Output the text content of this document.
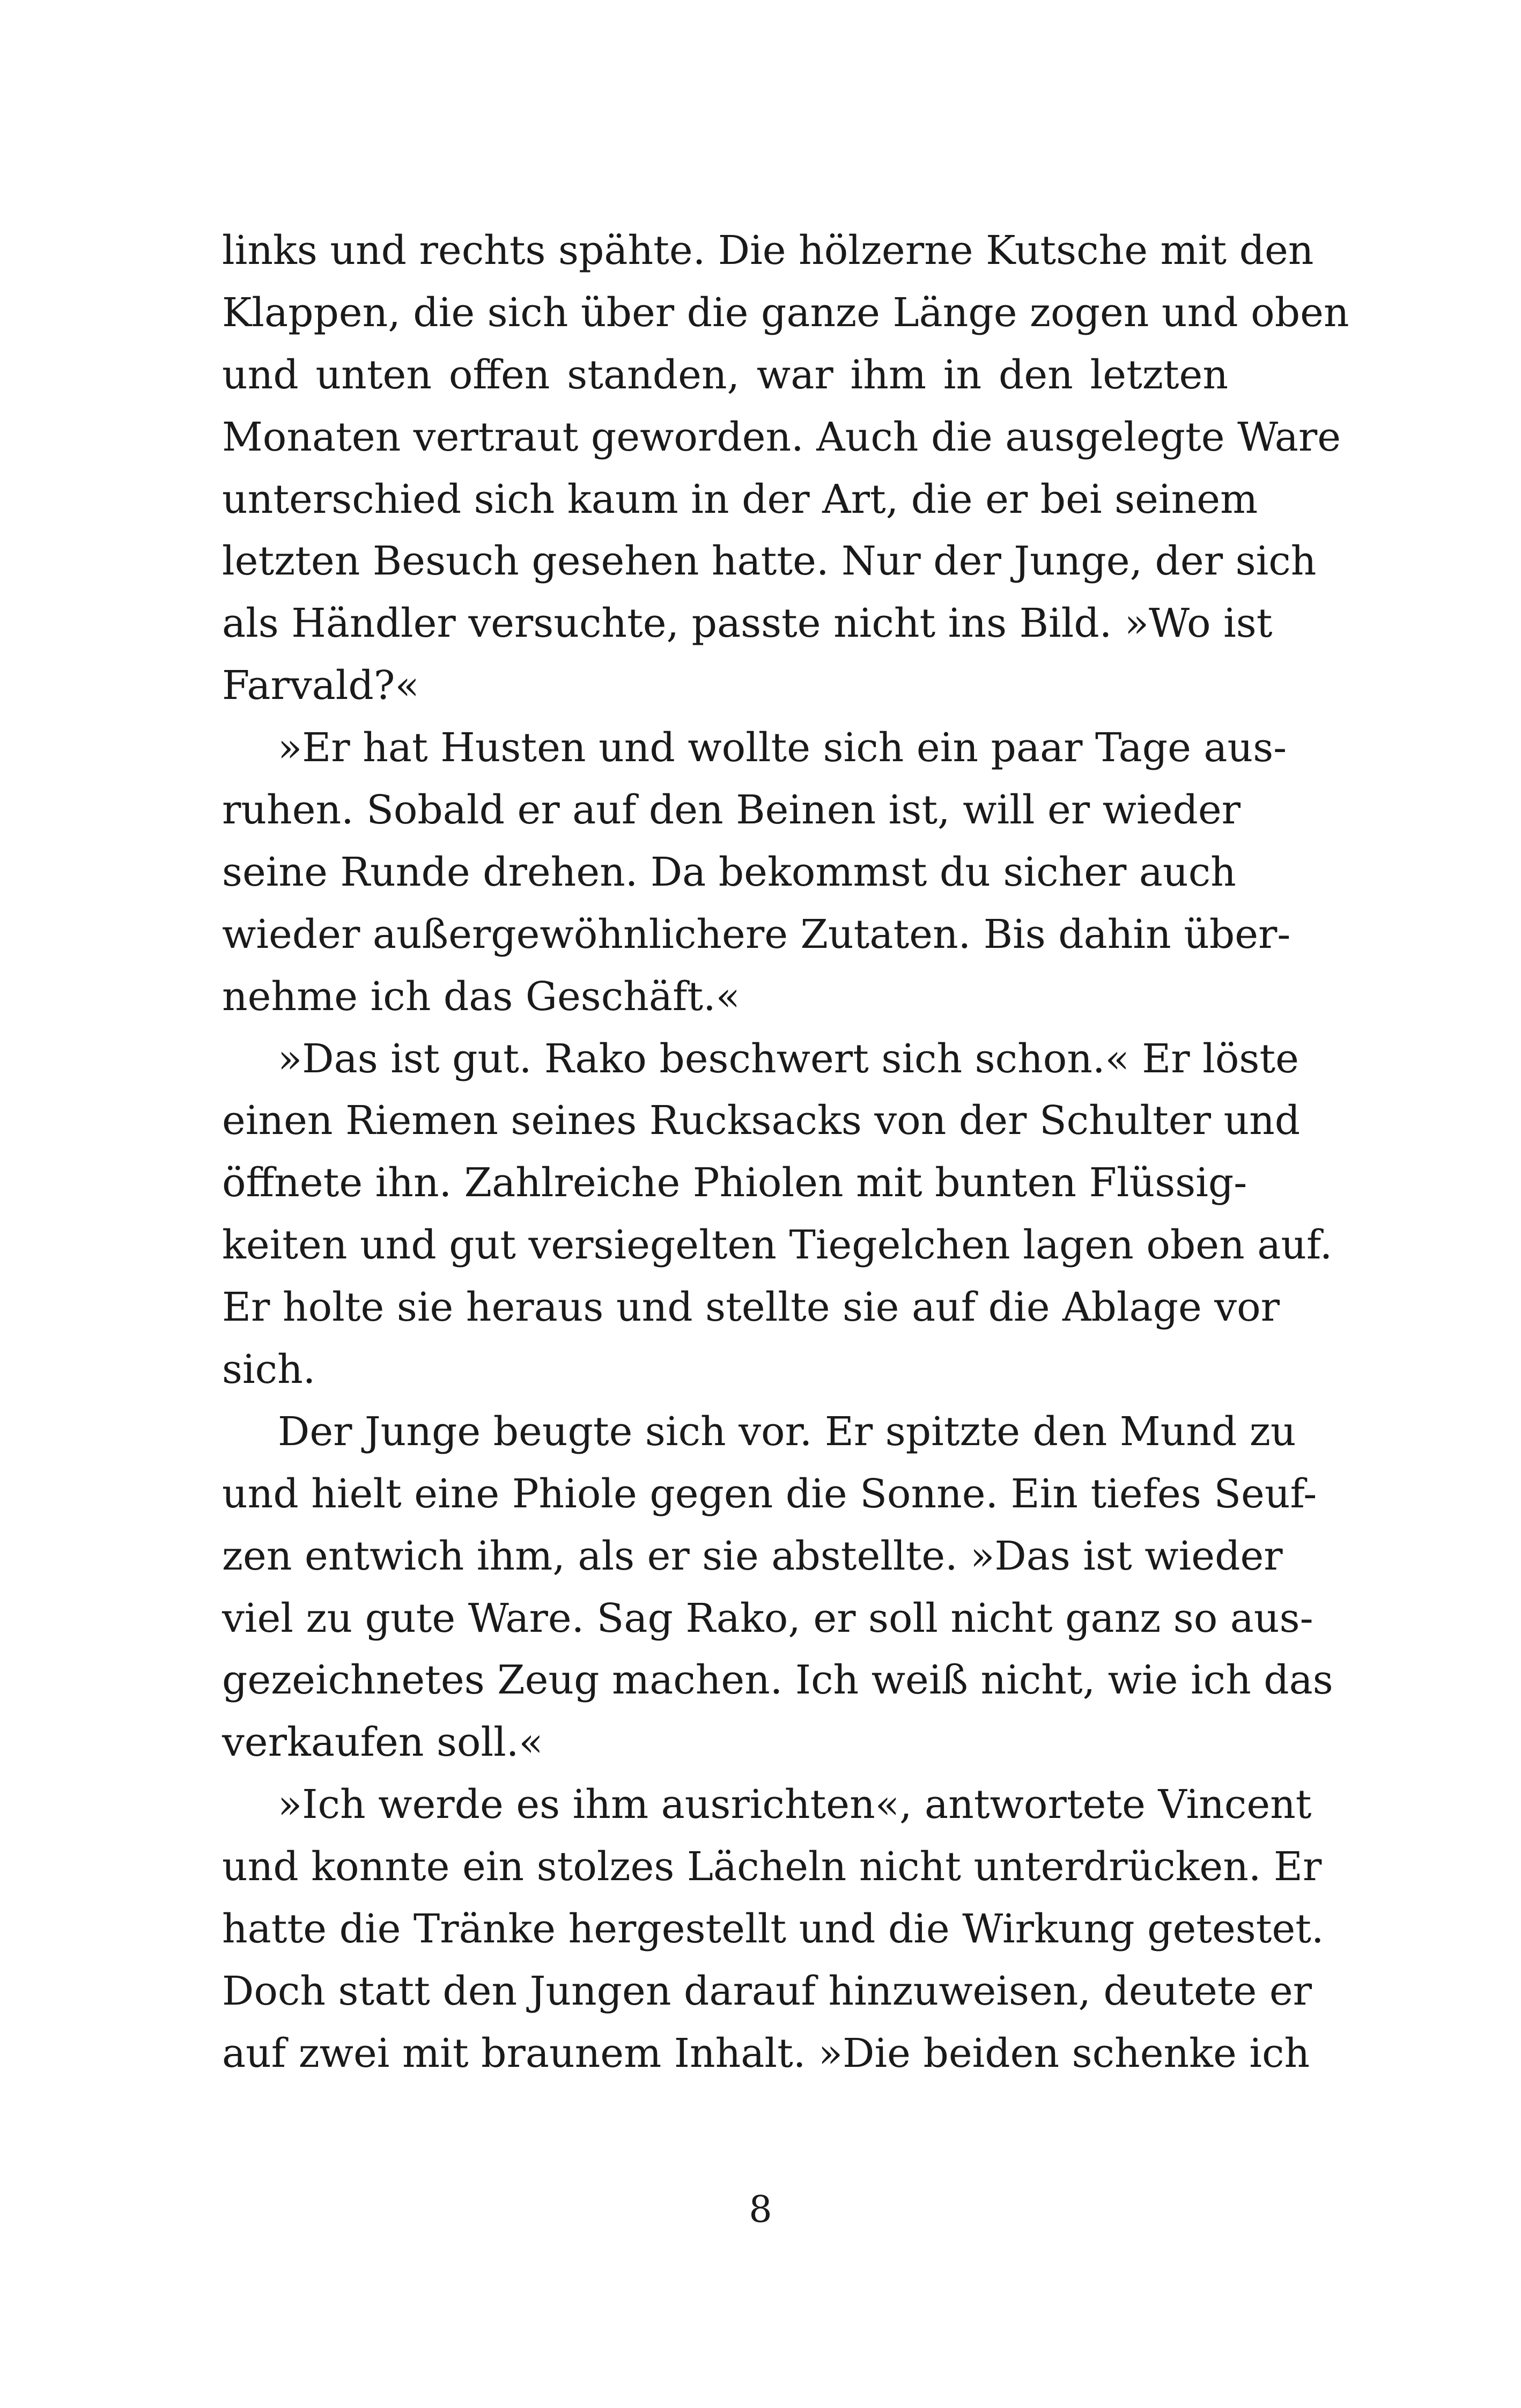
links und rechts spähte. Die hölzerne Kutsche mit den
Klappen, die sich über die ganze Länge zogen und oben
und unten offen standen, war ihm in den letzten
Monaten vertraut geworden. Auch die ausgelegte Ware
unterschied sich kaum in der Art, die er bei seinem
letzten Besuch gesehen hatte. Nur der Junge, der sich
als Händler versuchte, passte nicht ins Bild. »Wo ist
Farvald?«
»Er hat Husten und wollte sich ein paar Tage aus-
ruhen. Sobald er auf den Beinen ist, will er wieder
seine Runde drehen. Da bekommst du sicher auch
wieder außergewöhnlichere Zutaten. Bis dahin über-
nehme ich das Geschäft.«
»Das ist gut. Rako beschwert sich schon.« Er löste
einen Riemen seines Rucksacks von der Schulter und
öffnete ihn. Zahlreiche Phiolen mit bunten Flüssig-
keiten und gut versiegelten Tiegelchen lagen oben auf.
Er holte sie heraus und stellte sie auf die Ablage vor
sich.
Der Junge beugte sich vor. Er spitzte den Mund zu
und hielt eine Phiole gegen die Sonne. Ein tiefes Seuf-
zen entwich ihm, als er sie abstellte. »Das ist wieder
viel zu gute Ware. Sag Rako, er soll nicht ganz so aus-
gezeichnetes Zeug machen. Ich weiß nicht, wie ich das
verkaufen soll.«
»Ich werde es ihm ausrichten«, antwortete Vincent
und konnte ein stolzes Lächeln nicht unterdrücken. Er
hatte die Tränke hergestellt und die Wirkung getestet.
Doch statt den Jungen darauf hinzuweisen, deutete er
auf zwei mit braunem Inhalt. »Die beiden schenke ich
8
